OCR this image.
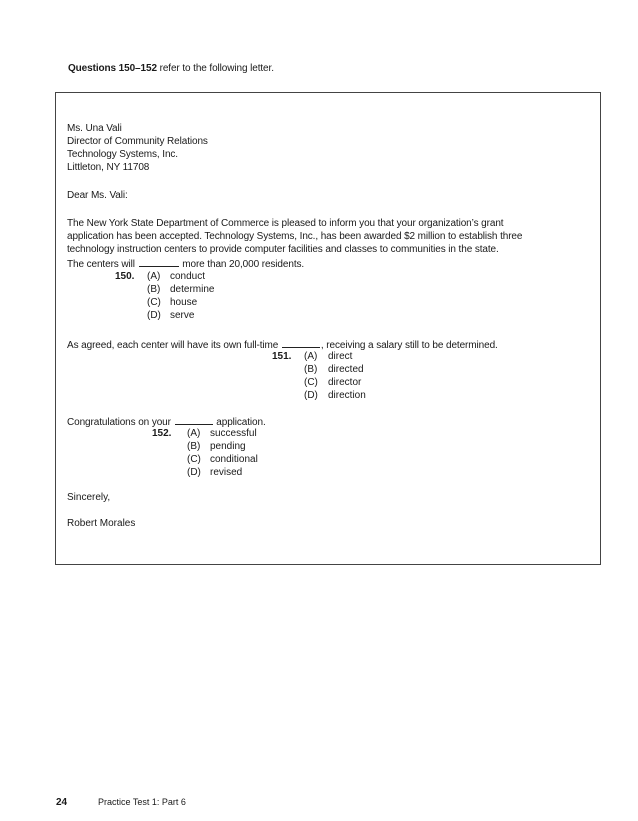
Questions 150–152 refer to the following letter.
Ms. Una Vali
Director of Community Relations
Technology Systems, Inc.
Littleton, NY 11708
Dear Ms. Vali:
The New York State Department of Commerce is pleased to inform you that your organization’s grant
application has been accepted. Technology Systems, Inc., has been awarded $2 million to establish three
technology instruction centers to provide computer facilities and classes to communities in the state.
The centers will	more than 20,000 residents.
150. (A) conduct
(B) determine
(C) house
(D) serve
As agreed, each center will have its own full-time	, receiving a salary still to be determined.
151. (A) direct
(B) directed
(C) director
(D) direction
Congratulations on your	application.
152. (A) successful
(B) pending
(C) conditional
(D) revised
Sincerely,
Robert Morales
24	Practice Test 1: Part 6
